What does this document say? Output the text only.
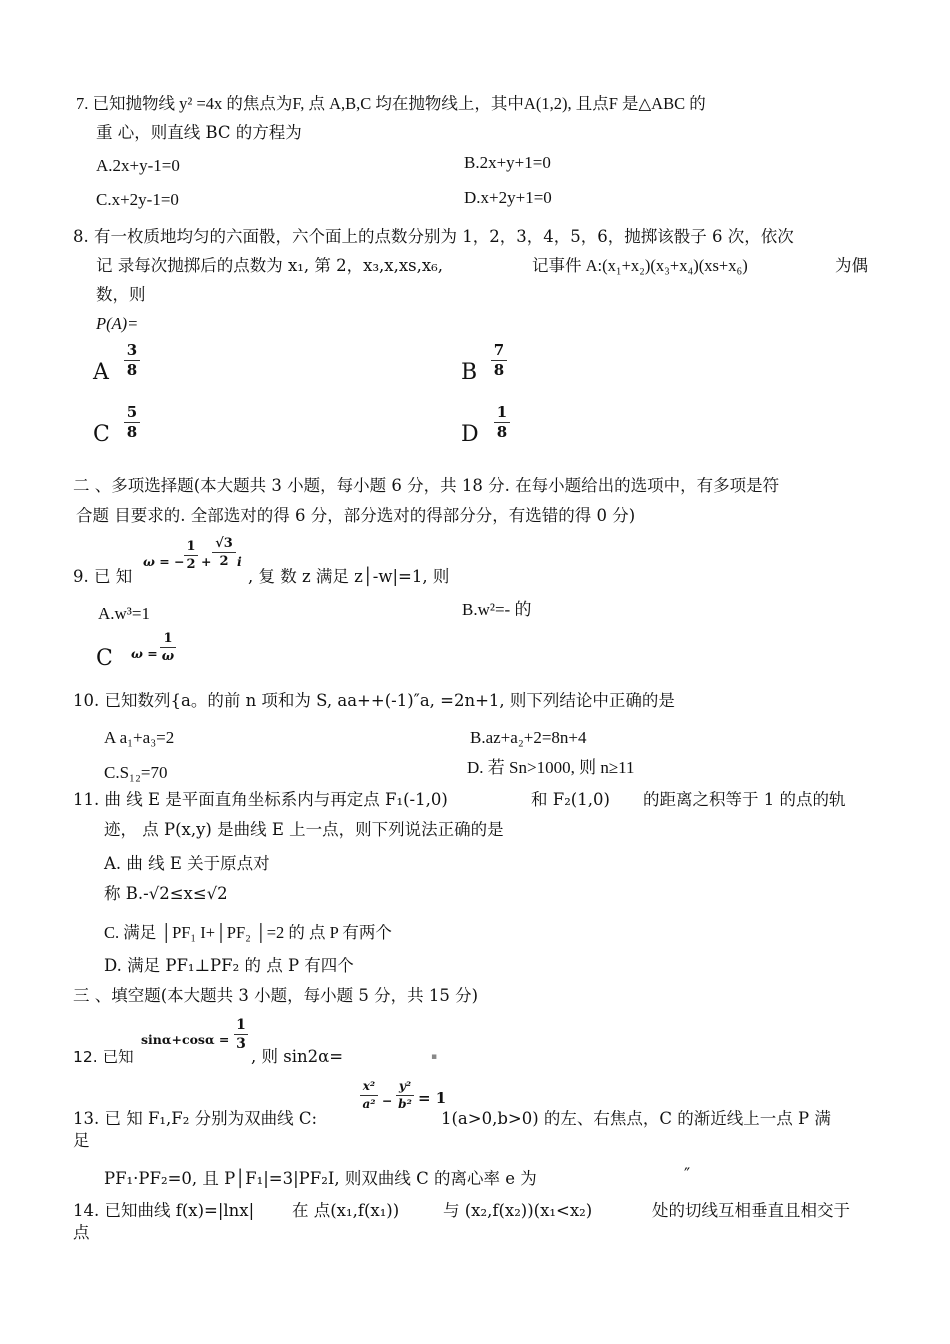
7. 已知抛物线 y² =4x 的焦点为F, 点 A,B,C 均在抛物线上，其中A(1,2), 且点F 是△ABC 的
重 心，则直线 BC 的方程为
A.2x+y-1=0	B.2x+y+1=0
C.x+2y-1=0	D.x+2y+1=0
8. 有一枚质地均匀的六面骰，六个面上的点数分别为 1，2，3，4，5，6，抛掷该骰子 6 次，依次
记 录每次抛掷后的点数为 x₁, 第 2，x₃,x,xs,x₆,	记事件 A:(x₁+x₂)(x₃+x₄)(xs+x₆)	为偶
数，则
P(A)=
A
3
8	B
7
8
C
5
8	D
1
8
二 、多项选择题(本大题共 3 小题，每小题 6 分，共 18 分. 在每小题给出的选项中，有多项是符
合题 目要求的. 全部选对的得 6 分，部分选对的得部分分，有选错的得 0 分)
9. 已 知
ω = −
1
2 +
√3
2 i
, 复 数 z 满足 z│-w|=1, 则
A.w³=1	B.w²=- 的
C ω =
1
ω
10. 已知数列{a。的前 n 项和为 S, aa++(-1)″a, =2n+1, 则下列结论中正确的是
A a₁+a₃=2	B.az+a₂+2=8n+4
C.S₁₂=70	D. 若 Sn>1000, 则 n≥11
11. 曲 线 E 是平面直角坐标系内与再定点 F₁(-1,0)	和 F₂(1,0) 的距离之积等于 1 的点的轨
迹， 点 P(x,y) 是曲线 E 上一点，则下列说法正确的是
A. 曲 线 E 关于原点对
称 B.-√2≤x≤√2
C. 满足 │PF₁ I+│PF₂ │=2 的 点 P 有两个
D. 满足 PF₁⊥PF₂ 的 点 P 有四个
三 、填空题(本大题共 3 小题，每小题 5 分，共 15 分)
12. 已知
sinα+cosα =
1
3
, 则 sin2α=	▪
13. 已 知 F₁,F₂ 分别为双曲线 C:
x²
a² −
y²
b² = 1
1(a>0,b>0) 的左、右焦点，C 的渐近线上一点 P 满
足
PF₁·PF₂=0, 且 P│F₁|=3|PF₂I, 则双曲线 C 的离心率 e 为	″
14. 已知曲线 f(x)=|lnx| 在 点(x₁,f(x₁))	与 (x₂,f(x₂))(x₁<x₂)	处的切线互相垂直且相交于
点
